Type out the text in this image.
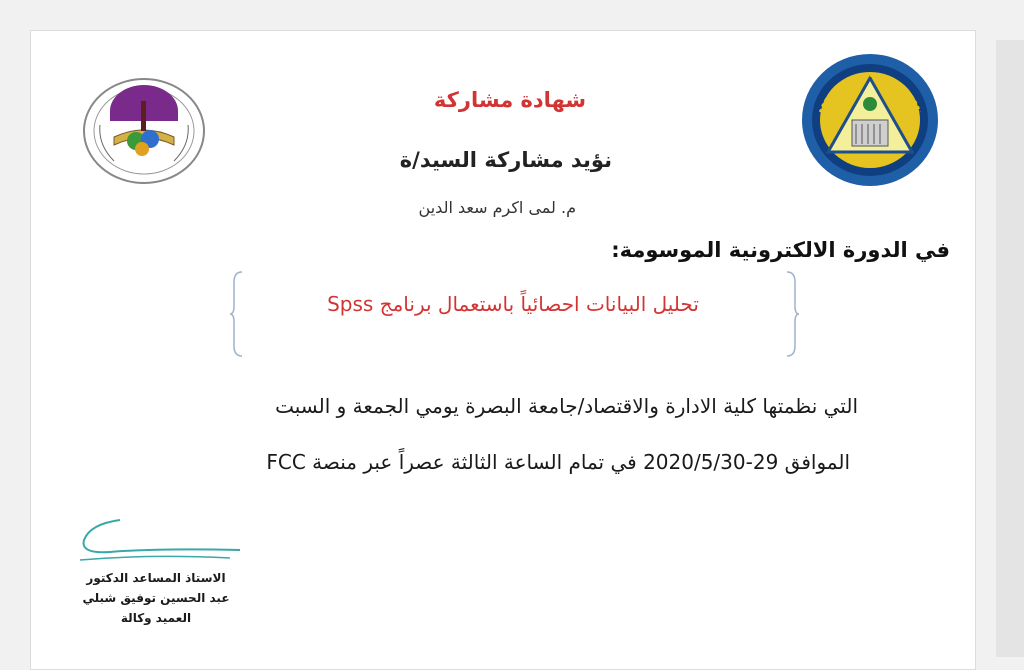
شهادة مشاركة
نؤيد مشاركة السيد/ة
م. لمى اكرم سعد الدين
في الدورة الالكترونية الموسومة:
تحليل البيانات احصائياً باستعمال برنامج Spss
التي نظمتها كلية الادارة والاقتصاد/جامعة البصرة يومي الجمعة و السبت
الموافق 29-2020/5/30 في تمام الساعة الثالثة عصراً عبر منصة FCC
الاستاذ المساعد الدكتور
عبد الحسين توفيق شبلي
العميد وكالة
